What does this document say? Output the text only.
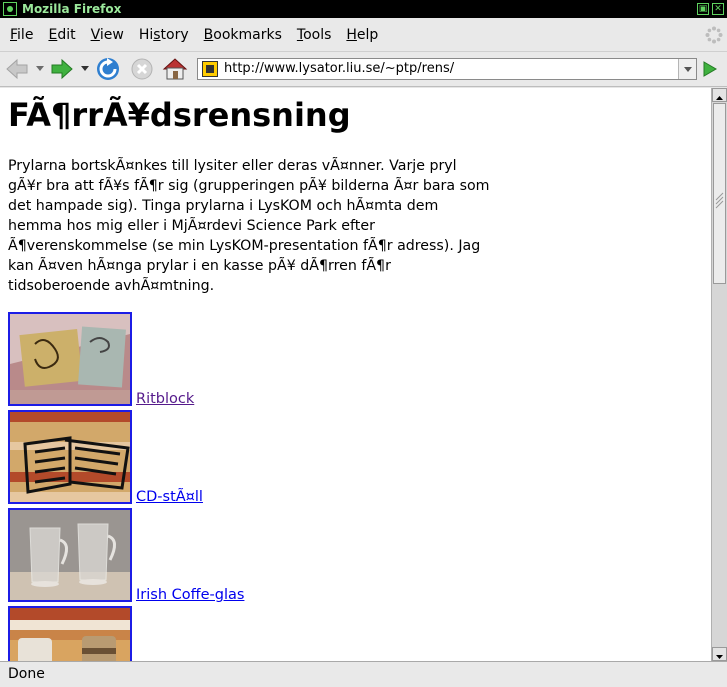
Mozilla Firefox	▣ ✕
File	Edit	View	History	Bookmarks	Tools	Help
http://www.lysator.liu.se/~ptp/rens/
FÃ¶rrÃ¥dsrensning

Prylarna bortskÃ¤nkes till lysiter eller deras vÃ¤nner. Varje pryl gÃ¥r bra att fÃ¥s fÃ¶r sig (grupperingen pÃ¥ bilderna Ã¤r bara som det hampade sig). Tinga prylarna i LysKOM och hÃ¤mta dem hemma hos mig eller i MjÃ¤rdevi Science Park efter Ã¶verenskommelse (se min LysKOM-presentation fÃ¶r adress). Jag kan Ã¤ven hÃ¤nga prylar i en kasse pÃ¥ dÃ¶rren fÃ¶r tidsoberoende avhÃ¤mtning.

Ritblock
CD-stÃ¤ll
Irish Coffe-glas
Done
